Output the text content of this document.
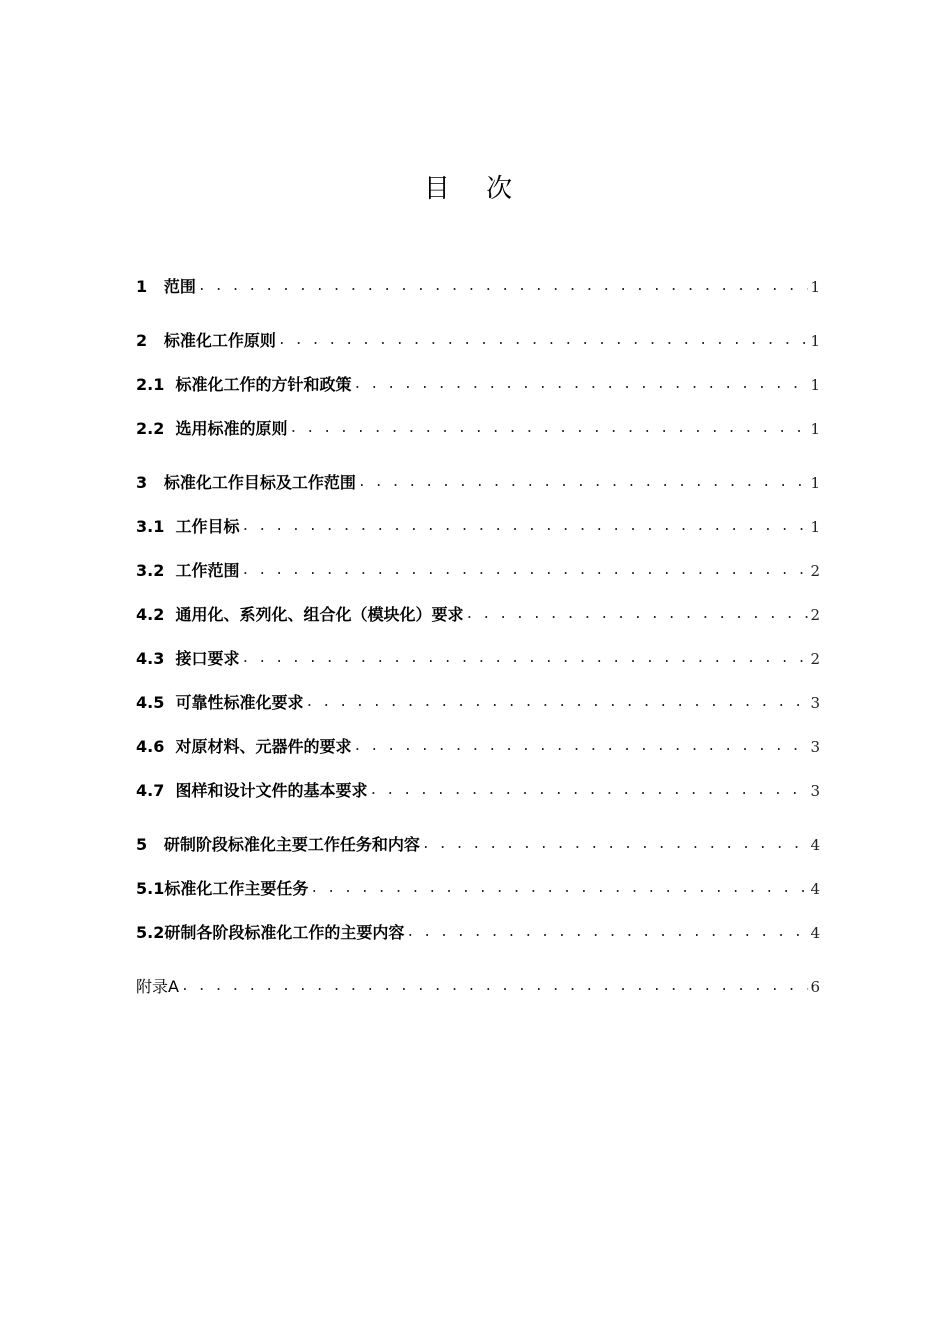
目 次
1 范围 . . .	1
2 标准化工作原则 . . .	1
2.1 标准化工作的方针和政策 . . .	1
2.2 选用标准的原则 . . .	1
3 标准化工作目标及工作范围 . . .	1
3.1 工作目标 . . .	1
3.2 工作范围 . . .	2
4.2 通用化、系列化、组合化（模块化）要求 . . .	2
4.3 接口要求 . . .	2
4.5 可靠性标准化要求 . . .	3
4.6 对原材料、元器件的要求 . . .	3
4.7 图样和设计文件的基本要求 . . .	3
5 研制阶段标准化主要工作任务和内容 . . .	4
5.1 标准化工作主要任务 . . .	4
5.2 研制各阶段标准化工作的主要内容 . . .	4
附录A . . .	6
